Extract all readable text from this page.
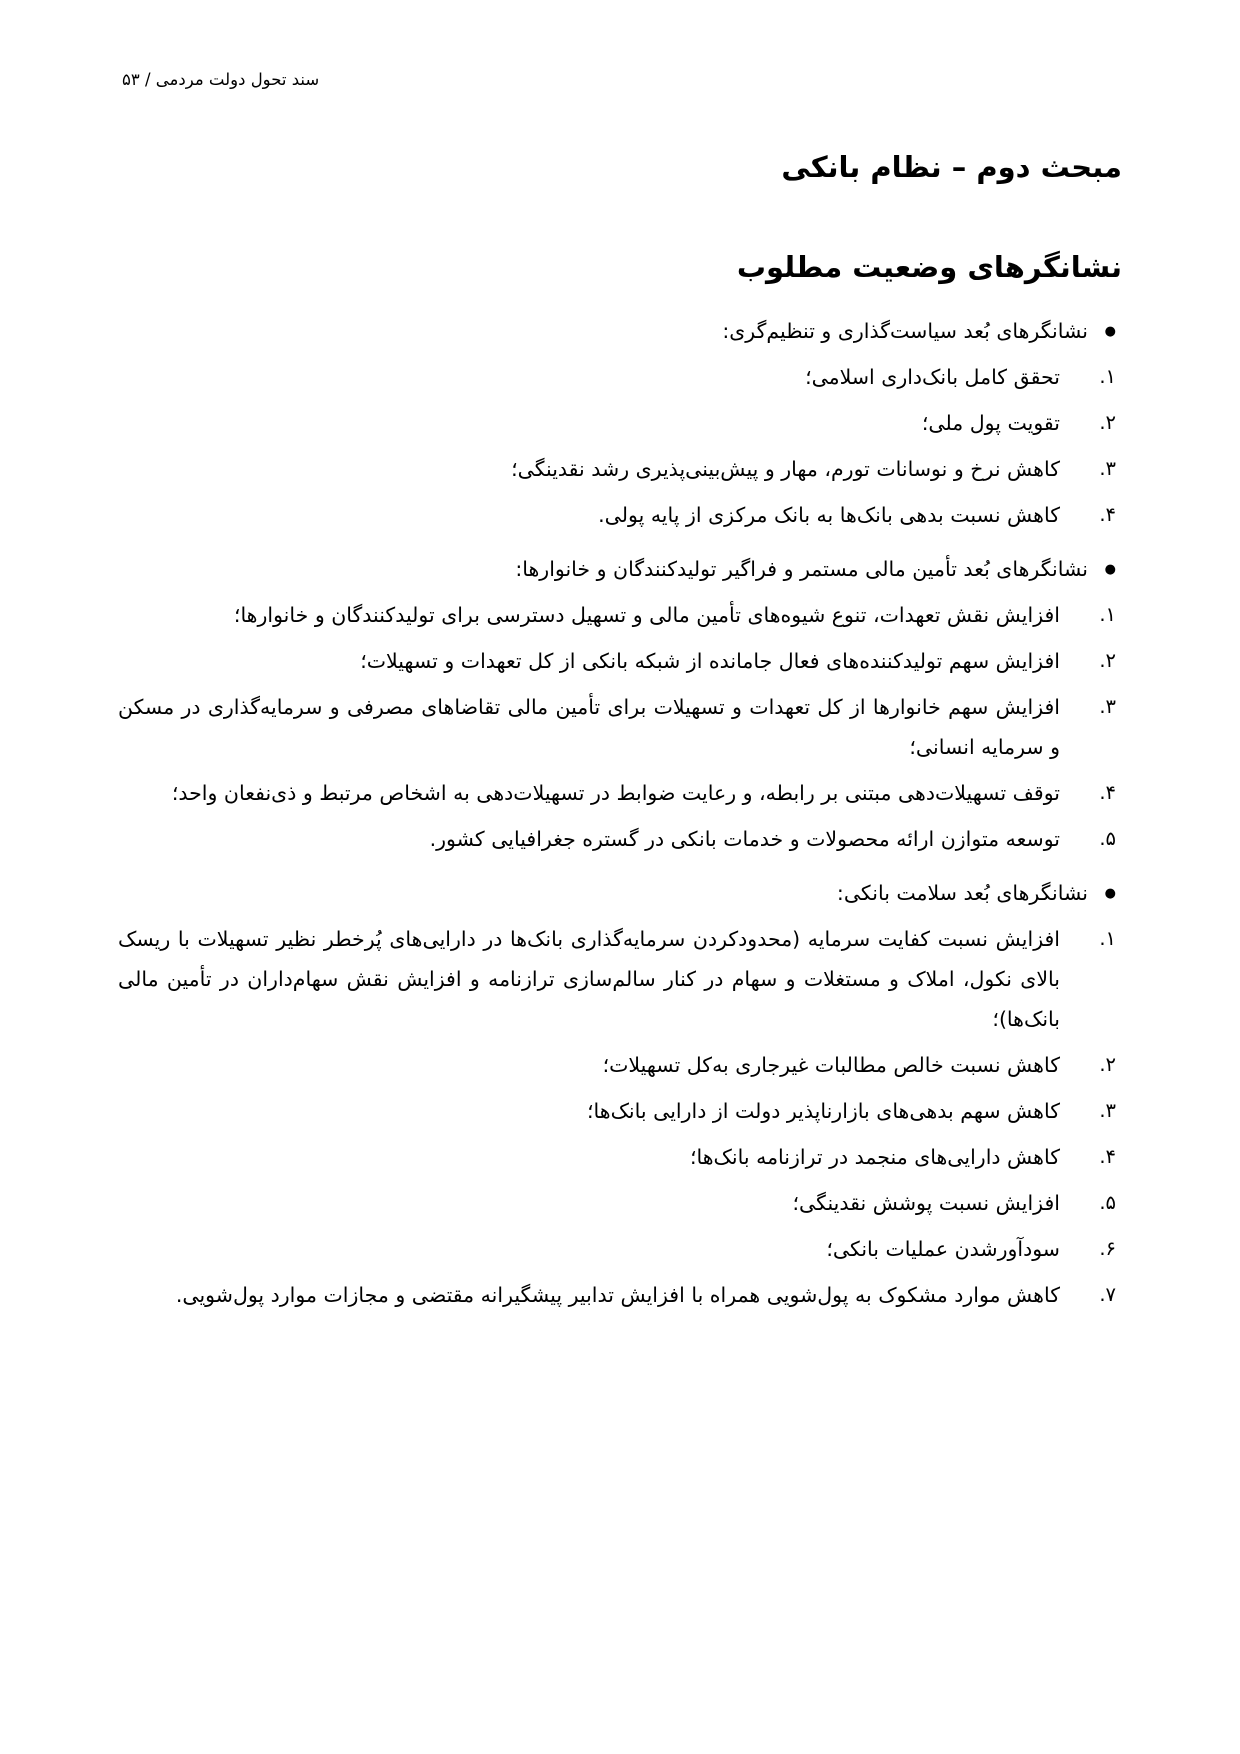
سند تحول دولت مردمی / ۵۳
مبحث دوم – نظام بانکی
نشانگرهای وضعیت مطلوب
● نشانگرهای بُعد سیاست‌گذاری و تنظیم‌گری:
۱.
تحقق کامل بانک‌داری اسلامی؛
۲.
تقویت پول ملی؛
۳.
کاهش نرخ و نوسانات تورم، مهار و پیش‌بینی‌پذیری رشد نقدینگی؛
۴.
کاهش نسبت بدهی بانک‌ها به بانک مرکزی از پایه پولی.
● نشانگرهای بُعد تأمین مالی مستمر و فراگیر تولیدکنندگان و خانوارها:
۱.
افزایش نقش تعهدات، تنوع شیوه‌های تأمین مالی و تسهیل دسترسی برای تولیدکنندگان و خانوارها؛
۲.
افزایش سهم تولیدکننده‌های فعال جامانده از شبکه بانکی از کل تعهدات و تسهیلات؛
۳.
افزایش سهم خانوارها از کل تعهدات و تسهیلات برای تأمین مالی تقاضاهای مصرفی و سرمایه‌گذاری در مسکن و سرمایه انسانی؛
۴.
توقف تسهیلات‌دهی مبتنی بر رابطه، و رعایت ضوابط در تسهیلات‌دهی به اشخاص مرتبط و ذی‌نفعان واحد؛
۵.
توسعه متوازن ارائه محصولات و خدمات بانکی در گستره جغرافیایی کشور.
● نشانگرهای بُعد سلامت بانکی:
۱.
افزایش نسبت کفایت سرمایه (محدودکردن سرمایه‌گذاری بانک‌ها در دارایی‌های پُرخطر نظیر تسهیلات با ریسک بالای نکول، املاک و مستغلات و سهام در کنار سالم‌سازی ترازنامه و افزایش نقش سهام‌داران در تأمین مالی بانک‌ها)؛
۲.
کاهش نسبت خالص مطالبات غیرجاری به‌کل تسهیلات؛
۳.
کاهش سهم بدهی‌های بازارناپذیر دولت از دارایی بانک‌ها؛
۴.
کاهش دارایی‌های منجمد در ترازنامه بانک‌ها؛
۵.
افزایش نسبت پوشش نقدینگی؛
۶.
سودآورشدن عملیات بانکی؛
۷.
کاهش موارد مشکوک به پول‌شویی همراه با افزایش تدابیر پیشگیرانه مقتضی و مجازات موارد پول‌شویی.
